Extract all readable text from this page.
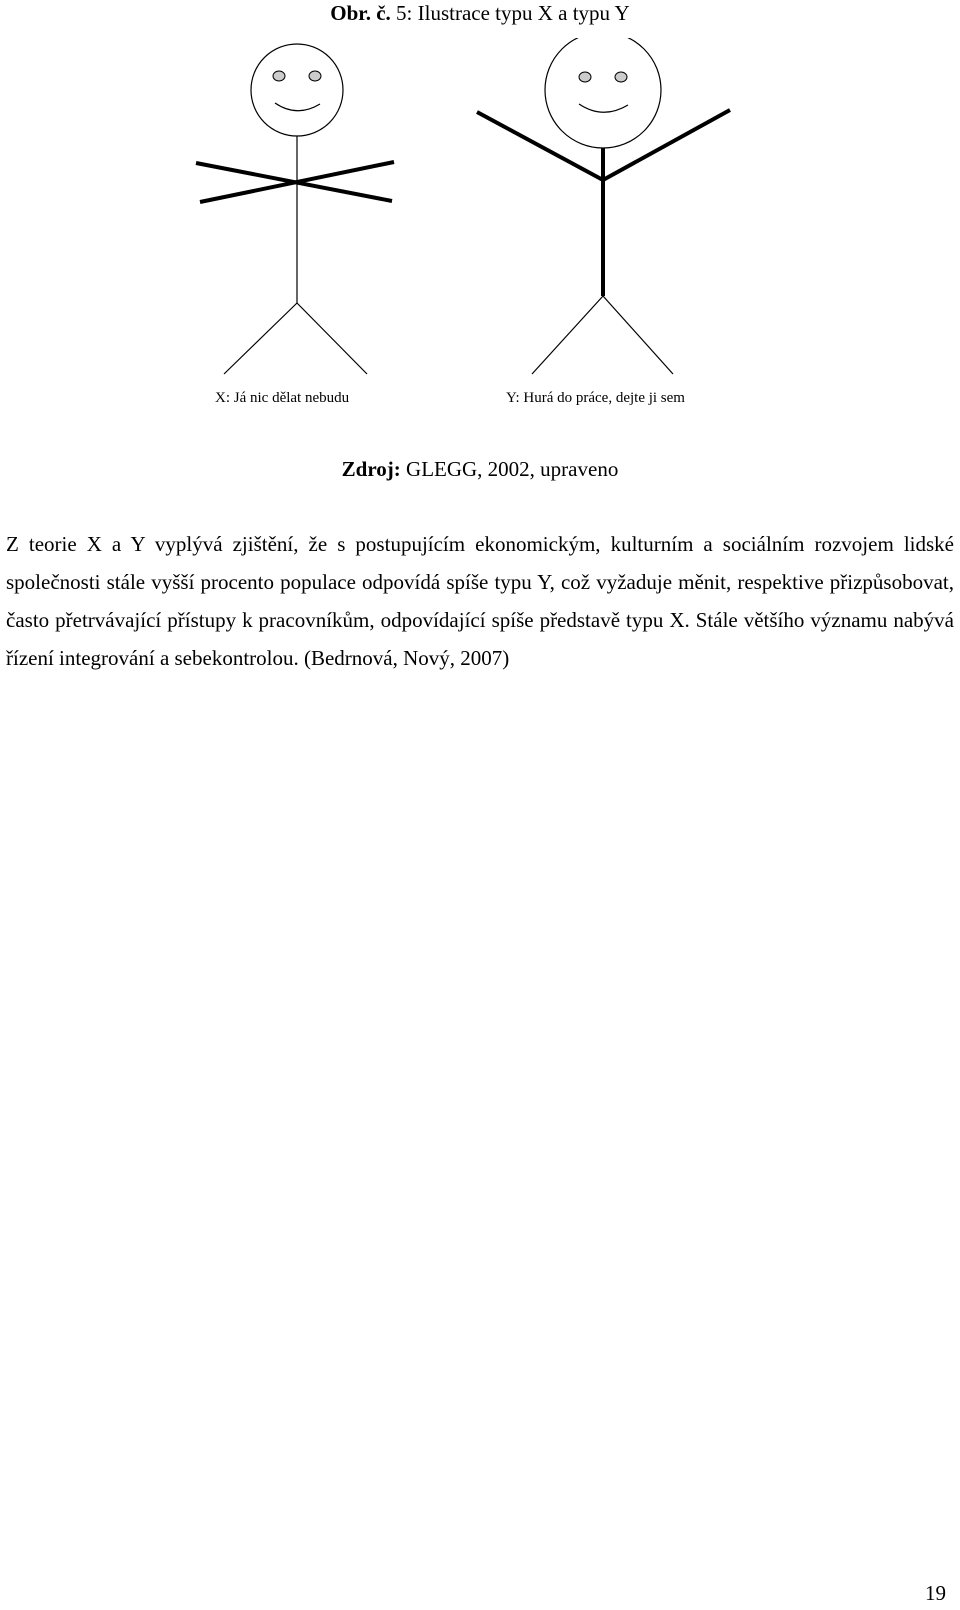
Obr. č. 5: Ilustrace typu X a typu Y
X: Já nic dělat nebudu	Y: Hurá do práce, dejte ji sem
Zdroj: GLEGG, 2002, upraveno

Z teorie X a Y vyplývá zjištění, že s postupujícím ekonomickým, kulturním a sociálním rozvojem lidské společnosti stále vyšší procento populace odpovídá spíše typu Y, což vyžaduje měnit, respektive přizpůsobovat, často přetrvávající přístupy k pracovníkům, odpovídající spíše představě typu X. Stále většího významu nabývá řízení integrování a sebekontrolou. (Bedrnová, Nový, 2007)

19
